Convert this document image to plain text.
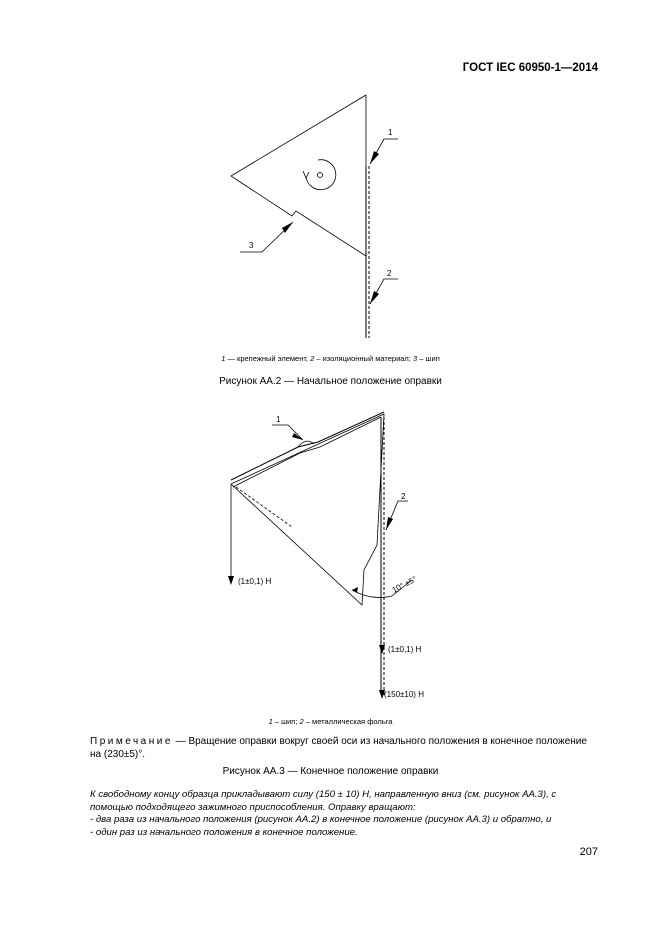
ГОСТ IEC 60950-1—2014
1
2
3
1 — крепежный элемент, 2 – изоляционный материал; 3 – шип
Рисунок АА.2 — Начальное положение оправки
1
2
(1±0,1) Н
(1±0,1) Н
(150±10) Н
10° ±5°
1 – шип; 2 – металлическая фольга
Примечание — Вращение оправки вокруг своей оси из начального положения в конечное положение на (230±5)°.
Рисунок АА.3 — Конечное положение оправки
К свободному концу образца прикладывают силу (150 ± 10) Н, направленную вниз (см. рисунок АА.3), с помощью подходящего зажимного приспособления. Оправку вращают:
- два раза из начального положения (рисунок АА.2) в конечное положение (рисунок АА.3) и обратно, и
- один раз из начального положения в конечное положение.
207
